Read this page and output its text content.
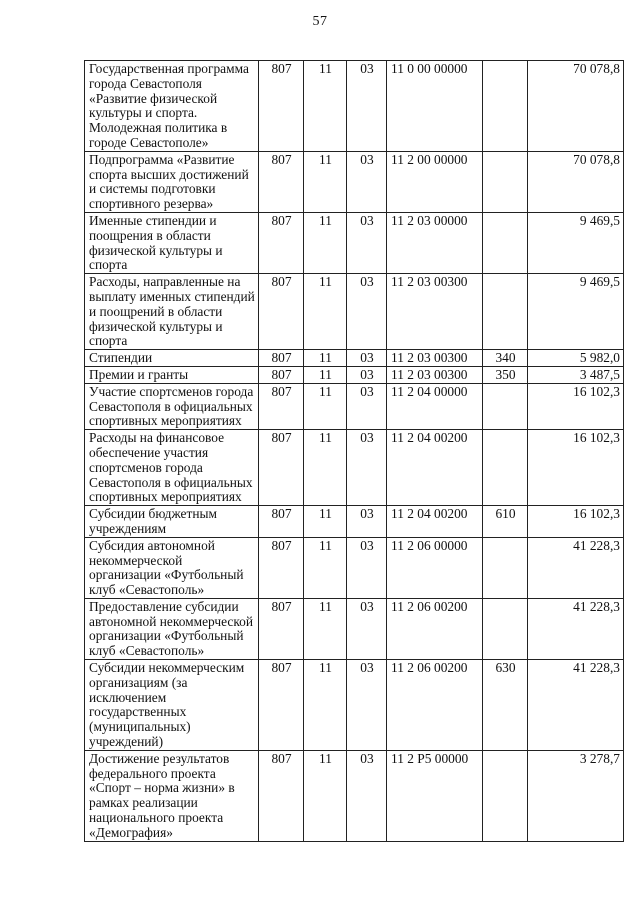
57
Государственная программа города Севастополя «Развитие физической культуры и спорта. Молодежная политика в городе Севастополе»	807	11	03	11 0 00 00000		70 078,8
Подпрограмма «Развитие спорта высших достижений и системы подготовки спортивного резерва»	807	11	03	11 2 00 00000		70 078,8
Именные стипендии и поощрения в области физической культуры и спорта	807	11	03	11 2 03 00000		9 469,5
Расходы, направленные на выплату именных стипендий и поощрений в области физической культуры и спорта	807	11	03	11 2 03 00300		9 469,5
Стипендии	807	11	03	11 2 03 00300	340	5 982,0
Премии и гранты	807	11	03	11 2 03 00300	350	3 487,5
Участие спортсменов города Севастополя в официальных спортивных мероприятиях	807	11	03	11 2 04 00000		16 102,3
Расходы на финансовое обеспечение участия спортсменов города Севастополя в официальных спортивных мероприятиях	807	11	03	11 2 04 00200		16 102,3
Субсидии бюджетным учреждениям	807	11	03	11 2 04 00200	610	16 102,3
Субсидия автономной некоммерческой организации «Футбольный клуб «Севастополь»	807	11	03	11 2 06 00000		41 228,3
Предоставление субсидии автономной некоммерческой организации «Футбольный клуб «Севастополь»	807	11	03	11 2 06 00200		41 228,3
Субсидии некоммерческим организациям (за исключением государственных (муниципальных) учреждений)	807	11	03	11 2 06 00200	630	41 228,3
Достижение результатов федерального проекта «Спорт – норма жизни» в рамках реализации национального проекта «Демография»	807	11	03	11 2 P5 00000		3 278,7
